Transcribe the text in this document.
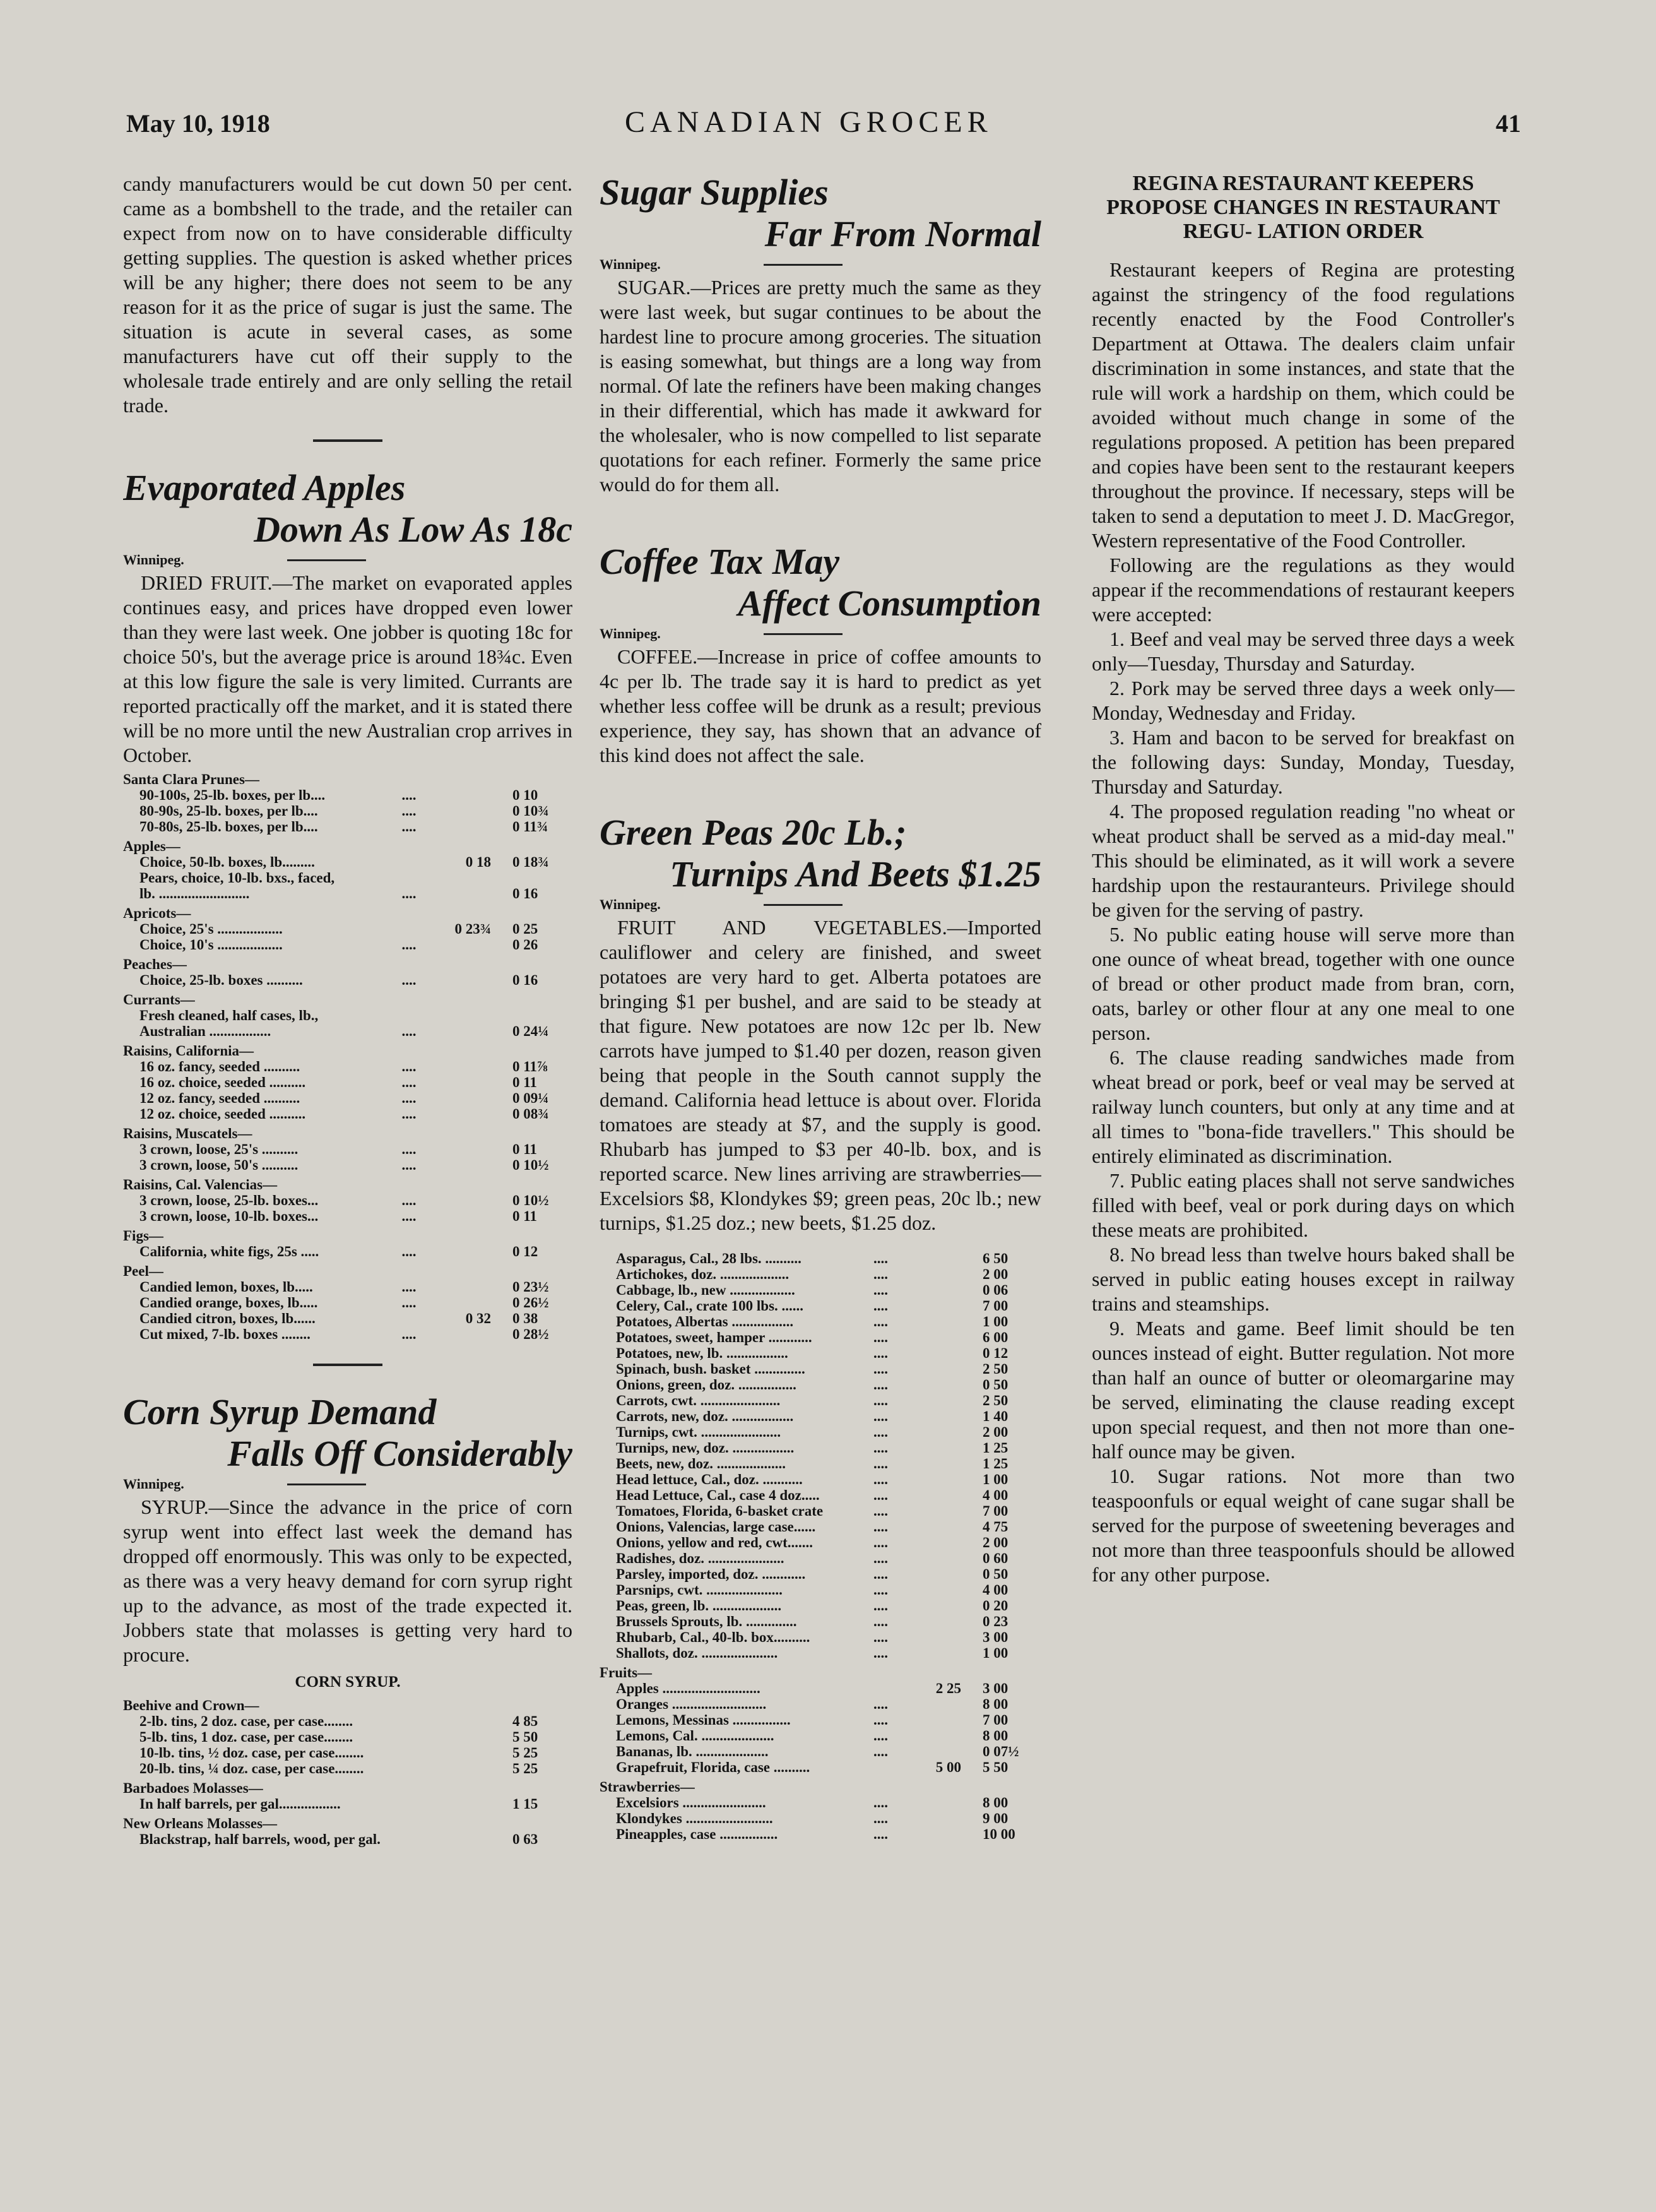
May 10, 1918	CANADIAN GROCER	41

candy manufacturers would be cut down 50 per cent. came as a bombshell to the trade, and the retailer can expect from now on to have considerable difficulty getting supplies. The question is asked whether prices will be any higher; there does not seem to be any reason for it as the price of sugar is just the same. The situation is acute in several cases, as some manufacturers have cut off their supply to the wholesale trade entirely and are only selling the retail trade.

Evaporated Apples
Down As Low As 18c
Winnipeg.

DRIED FRUIT.—The market on evaporated apples continues easy, and prices have dropped even lower than they were last week. One jobber is quoting 18c for choice 50's, but the average price is around 18¾c. Even at this low figure the sale is very limited. Currants are reported practically off the market, and it is stated there will be no more until the new Australian crop arrives in October.

Santa Clara Prunes—			
90-100s, 25-lb. boxes, per lb....	....		0 10
80-90s, 25-lb. boxes, per lb....	....		0 10¾
70-80s, 25-lb. boxes, per lb....	....		0 11¾
Apples—			
Choice, 50-lb. boxes, lb.........		0 18	0 18¾
Pears, choice, 10-lb. bxs., faced,			
lb. .........................	....		0 16
Apricots—			
Choice, 25's ..................		0 23¾	0 25
Choice, 10's ..................	....		0 26
Peaches—			
Choice, 25-lb. boxes ..........	....		0 16
Currants—			
Fresh cleaned, half cases, lb.,			
Australian .................	....		0 24¼
Raisins, California—			
16 oz. fancy, seeded ..........	....		0 11⅞
16 oz. choice, seeded ..........	....		0 11
12 oz. fancy, seeded ..........	....		0 09¼
12 oz. choice, seeded ..........	....		0 08¾
Raisins, Muscatels—			
3 crown, loose, 25's ..........	....		0 11
3 crown, loose, 50's ..........	....		0 10½
Raisins, Cal. Valencias—			
3 crown, loose, 25-lb. boxes...	....		0 10½
3 crown, loose, 10-lb. boxes...	....		0 11
Figs—			
California, white figs, 25s .....	....		0 12
Peel—			
Candied lemon, boxes, lb.....	....		0 23½
Candied orange, boxes, lb.....	....		0 26½
Candied citron, boxes, lb......		0 32	0 38
Cut mixed, 7-lb. boxes ........	....		0 28½
Corn Syrup Demand
Falls Off Considerably
Winnipeg.

SYRUP.—Since the advance in the price of corn syrup went into effect last week the demand has dropped off enormously. This was only to be expected, as there was a very heavy demand for corn syrup right up to the advance, as most of the trade expected it. Jobbers state that molasses is getting very hard to procure.

CORN SYRUP.
Beehive and Crown—			
2-lb. tins, 2 doz. case, per case........			4 85
5-lb. tins, 1 doz. case, per case........			5 50
10-lb. tins, ½ doz. case, per case........			5 25
20-lb. tins, ¼ doz. case, per case........			5 25
Barbadoes Molasses—			
In half barrels, per gal.................			1 15
New Orleans Molasses—			
Blackstrap, half barrels, wood, per gal.			0 63
Sugar Supplies
Far From Normal
Winnipeg.

SUGAR.—Prices are pretty much the same as they were last week, but sugar continues to be about the hardest line to procure among groceries. The situation is easing somewhat, but things are a long way from normal. Of late the refiners have been making changes in their differential, which has made it awkward for the wholesaler, who is now compelled to list separate quotations for each refiner. Formerly the same price would do for them all.

Coffee Tax May
Affect Consumption
Winnipeg.

COFFEE.—Increase in price of coffee amounts to 4c per lb. The trade say it is hard to predict as yet whether less coffee will be drunk as a result; previous experience, they say, has shown that an advance of this kind does not affect the sale.

Green Peas 20c Lb.;
Turnips And Beets $1.25
Winnipeg.

FRUIT AND VEGETABLES.—Imported cauliflower and celery are finished, and sweet potatoes are very hard to get. Alberta potatoes are bringing $1 per bushel, and are said to be steady at that figure. New potatoes are now 12c per lb. New carrots have jumped to $1.40 per dozen, reason given being that people in the South cannot supply the demand. California head lettuce is about over. Florida tomatoes are steady at $7, and the supply is good. Rhubarb has jumped to $3 per 40-lb. box, and is reported scarce. New lines arriving are strawberries—Excelsiors $8, Klondykes $9; green peas, 20c lb.; new turnips, $1.25 doz.; new beets, $1.25 doz.

Asparagus, Cal., 28 lbs. ..........	....		6 50
Artichokes, doz. ...................	....		2 00
Cabbage, lb., new ..................	....		0 06
Celery, Cal., crate 100 lbs. ......	....		7 00
Potatoes, Albertas .................	....		1 00
Potatoes, sweet, hamper ............	....		6 00
Potatoes, new, lb. .................	....		0 12
Spinach, bush. basket ..............	....		2 50
Onions, green, doz. ................	....		0 50
Carrots, cwt. ......................	....		2 50
Carrots, new, doz. .................	....		1 40
Turnips, cwt. ......................	....		2 00
Turnips, new, doz. .................	....		1 25
Beets, new, doz. ...................	....		1 25
Head lettuce, Cal., doz. ...........	....		1 00
Head Lettuce, Cal., case 4 doz.....	....		4 00
Tomatoes, Florida, 6-basket crate	....		7 00
Onions, Valencias, large case......	....		4 75
Onions, yellow and red, cwt.......	....		2 00
Radishes, doz. .....................	....		0 60
Parsley, imported, doz. ............	....		0 50
Parsnips, cwt. .....................	....		4 00
Peas, green, lb. ...................	....		0 20
Brussels Sprouts, lb. ..............	....		0 23
Rhubarb, Cal., 40-lb. box..........	....		3 00
Shallots, doz. .....................	....		1 00
Fruits—			
Apples ...........................		2 25	3 00
Oranges ..........................	....		8 00
Lemons, Messinas ................	....		7 00
Lemons, Cal. ....................	....		8 00
Bananas, lb. ....................	....		0 07½
Grapefruit, Florida, case ..........		5 00	5 50
Strawberries—			
Excelsiors .......................	....		8 00
Klondykes ........................	....		9 00
Pineapples, case ................	....		10 00
REGINA RESTAURANT KEEPERS PROPOSE CHANGES IN RESTAURANT REGU- LATION ORDER

Restaurant keepers of Regina are protesting against the stringency of the food regulations recently enacted by the Food Controller's Department at Ottawa. The dealers claim unfair discrimination in some instances, and state that the rule will work a hardship on them, which could be avoided without much change in some of the regulations proposed. A petition has been prepared and copies have been sent to the restaurant keepers throughout the province. If necessary, steps will be taken to send a deputation to meet J. D. MacGregor, Western representative of the Food Controller.

Following are the regulations as they would appear if the recommendations of restaurant keepers were accepted:

1. Beef and veal may be served three days a week only—Tuesday, Thursday and Saturday.

2. Pork may be served three days a week only—Monday, Wednesday and Friday.

3. Ham and bacon to be served for breakfast on the following days: Sunday, Monday, Tuesday, Thursday and Saturday.

4. The proposed regulation reading "no wheat or wheat product shall be served as a mid-day meal." This should be eliminated, as it will work a severe hardship upon the restauranteurs. Privilege should be given for the serving of pastry.

5. No public eating house will serve more than one ounce of wheat bread, together with one ounce of bread or other product made from bran, corn, oats, barley or other flour at any one meal to one person.

6. The clause reading sandwiches made from wheat bread or pork, beef or veal may be served at railway lunch counters, but only at any time and at all times to "bona-fide travellers." This should be entirely eliminated as discrimination.

7. Public eating places shall not serve sandwiches filled with beef, veal or pork during days on which these meats are prohibited.

8. No bread less than twelve hours baked shall be served in public eating houses except in railway trains and steamships.

9. Meats and game. Beef limit should be ten ounces instead of eight. Butter regulation. Not more than half an ounce of butter or oleomargarine may be served, eliminating the clause reading except upon special request, and then not more than one-half ounce may be given.

10. Sugar rations. Not more than two teaspoonfuls or equal weight of cane sugar shall be served for the purpose of sweetening beverages and not more than three teaspoonfuls should be allowed for any other purpose.
